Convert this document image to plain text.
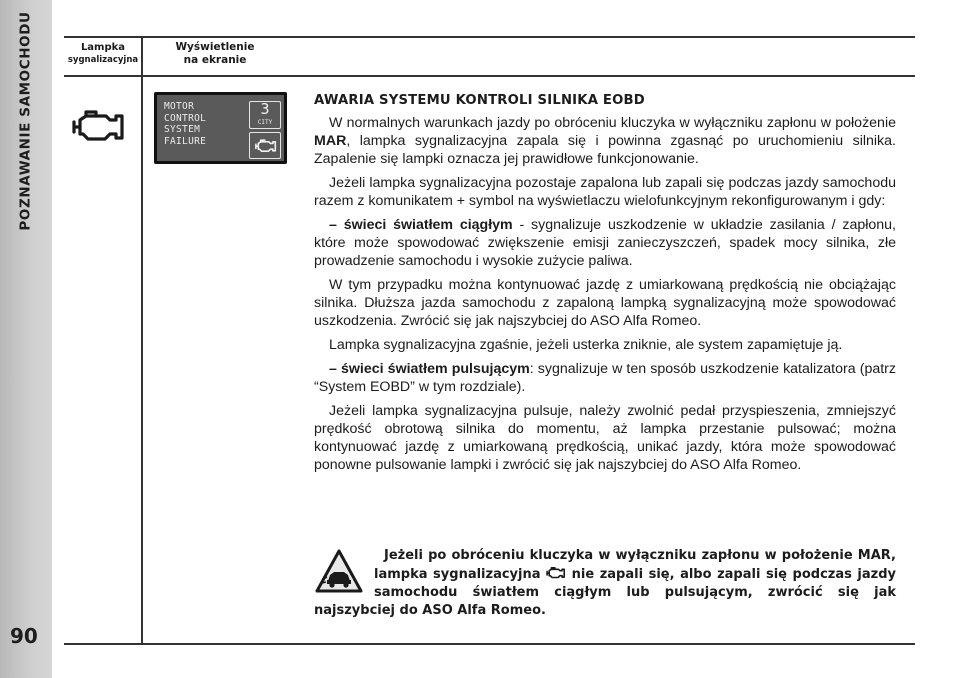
POZNAWANIE SAMOCHODU
90
Lampka
sygnalizacyjna
Wyświetlenie
na ekranie
MOTOR
CONTROL
SYSTEM
FAILURE
3
CITY
AWARIA SYSTEMU KONTROLI SILNIKA EOBD

W normalnych warunkach jazdy po obróceniu kluczyka w wyłączniku zapłonu w położenie MAR, lampka sygnalizacyjna zapala się i powinna zgasnąć po uruchomieniu silnika. Zapalenie się lampki oznacza jej prawidłowe funkcjonowanie.

Jeżeli lampka sygnalizacyjna pozostaje zapalona lub zapali się podczas jazdy samochodu razem z komunikatem + symbol na wyświetlaczu wielofunkcyjnym rekonfigurowanym i gdy:

– świeci światłem ciągłym - sygnalizuje uszkodzenie w układzie zasilania / zapłonu, które może spowodować zwiększenie emisji zanieczyszczeń, spadek mocy silnika, złe prowadzenie samochodu i wysokie zużycie paliwa.

W tym przypadku można kontynuować jazdę z umiarkowaną prędkością nie obciążając silnika. Dłuższa jazda samochodu z zapaloną lampką sygnalizacyjną może spowodować uszkodzenia. Zwrócić się jak najszybciej do ASO Alfa Romeo.

Lampka sygnalizacyjna zgaśnie, jeżeli usterka zniknie, ale system zapamiętuje ją.

– świeci światłem pulsującym: sygnalizuje w ten sposób uszkodzenie katalizatora (patrz “System EOBD” w tym rozdziale).

Jeżeli lampka sygnalizacyjna pulsuje, należy zwolnić pedał przyspieszenia, zmniejszyć prędkość obrotową silnika do momentu, aż lampka przestanie pulsować; można kontynuować jazdę z umiarkowaną prędkością, unikać jazdy, która może spowodować ponowne pulsowanie lampki i zwrócić się jak najszybciej do ASO Alfa Romeo.

Jeżeli po obróceniu kluczyka w wyłączniku zapłonu w położenie MAR, lampka sygnalizacyjna  nie zapali się, albo zapali się podczas jazdy samochodu światłem ciągłym lub pulsującym, zwrócić się jak najszybciej do ASO Alfa Romeo.
